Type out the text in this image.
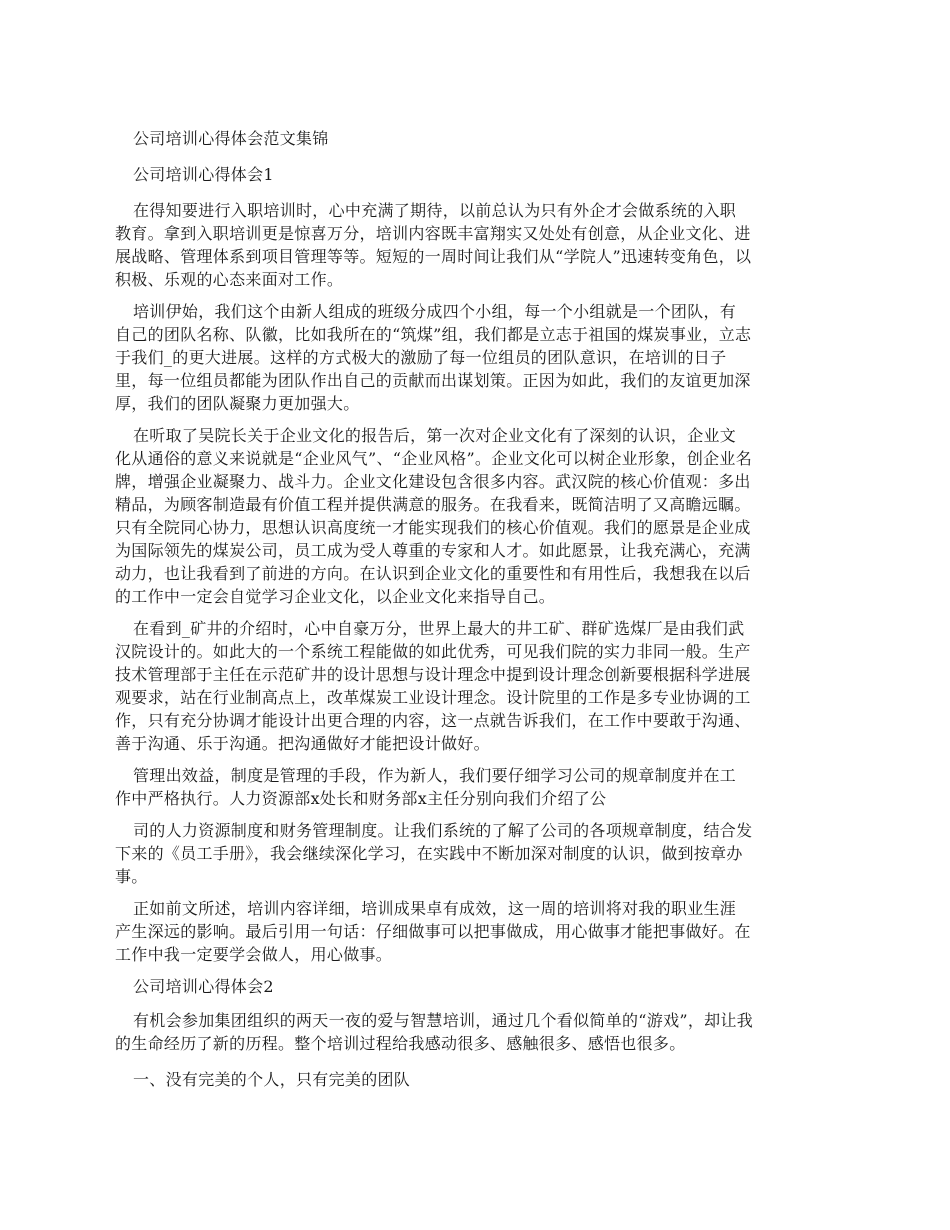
公司培训心得体会范文集锦

公司培训心得体会1

在得知要进行入职培训时，心中充满了期待，以前总认为只有外企才会做系统的入职

教育。拿到入职培训更是惊喜万分，培训内容既丰富翔实又处处有创意，从企业文化、进

展战略、管理体系到项目管理等等。短短的一周时间让我们从“学院人”迅速转变角色，以

积极、乐观的心态来面对工作。

培训伊始，我们这个由新人组成的班级分成四个小组，每一个小组就是一个团队，有

自己的团队名称、队徽，比如我所在的“筑煤”组，我们都是立志于祖国的煤炭事业，立志

于我们_的更大进展。这样的方式极大的激励了每一位组员的团队意识，在培训的日子

里，每一位组员都能为团队作出自己的贡献而出谋划策。正因为如此，我们的友谊更加深

厚，我们的团队凝聚力更加强大。

在听取了吴院长关于企业文化的报告后，第一次对企业文化有了深刻的认识，企业文

化从通俗的意义来说就是“企业风气”、“企业风格”。企业文化可以树企业形象，创企业名

牌，增强企业凝聚力、战斗力。企业文化建设包含很多内容。武汉院的核心价值观：多出

精品，为顾客制造最有价值工程并提供满意的服务。在我看来，既简洁明了又高瞻远瞩。

只有全院同心协力，思想认识高度统一才能实现我们的核心价值观。我们的愿景是企业成

为国际领先的煤炭公司，员工成为受人尊重的专家和人才。如此愿景，让我充满心，充满

动力，也让我看到了前进的方向。在认识到企业文化的重要性和有用性后，我想我在以后

的工作中一定会自觉学习企业文化，以企业文化来指导自己。

在看到_矿井的介绍时，心中自豪万分，世界上最大的井工矿、群矿选煤厂是由我们武

汉院设计的。如此大的一个系统工程能做的如此优秀，可见我们院的实力非同一般。生产

技术管理部于主任在示范矿井的设计思想与设计理念中提到设计理念创新要根据科学进展

观要求，站在行业制高点上，改革煤炭工业设计理念。设计院里的工作是多专业协调的工

作，只有充分协调才能设计出更合理的内容，这一点就告诉我们，在工作中要敢于沟通、

善于沟通、乐于沟通。把沟通做好才能把设计做好。

管理出效益，制度是管理的手段，作为新人，我们要仔细学习公司的规章制度并在工

作中严格执行。人力资源部x处长和财务部x主任分别向我们介绍了公

司的人力资源制度和财务管理制度。让我们系统的了解了公司的各项规章制度，结合发

下来的《员工手册》，我会继续深化学习，在实践中不断加深对制度的认识，做到按章办

事。

正如前文所述，培训内容详细，培训成果卓有成效，这一周的培训将对我的职业生涯

产生深远的影响。最后引用一句话：仔细做事可以把事做成，用心做事才能把事做好。在

工作中我一定要学会做人，用心做事。

公司培训心得体会2

有机会参加集团组织的两天一夜的爱与智慧培训，通过几个看似简单的“游戏”，却让我

的生命经历了新的历程。整个培训过程给我感动很多、感触很多、感悟也很多。

一、没有完美的个人，只有完美的团队
